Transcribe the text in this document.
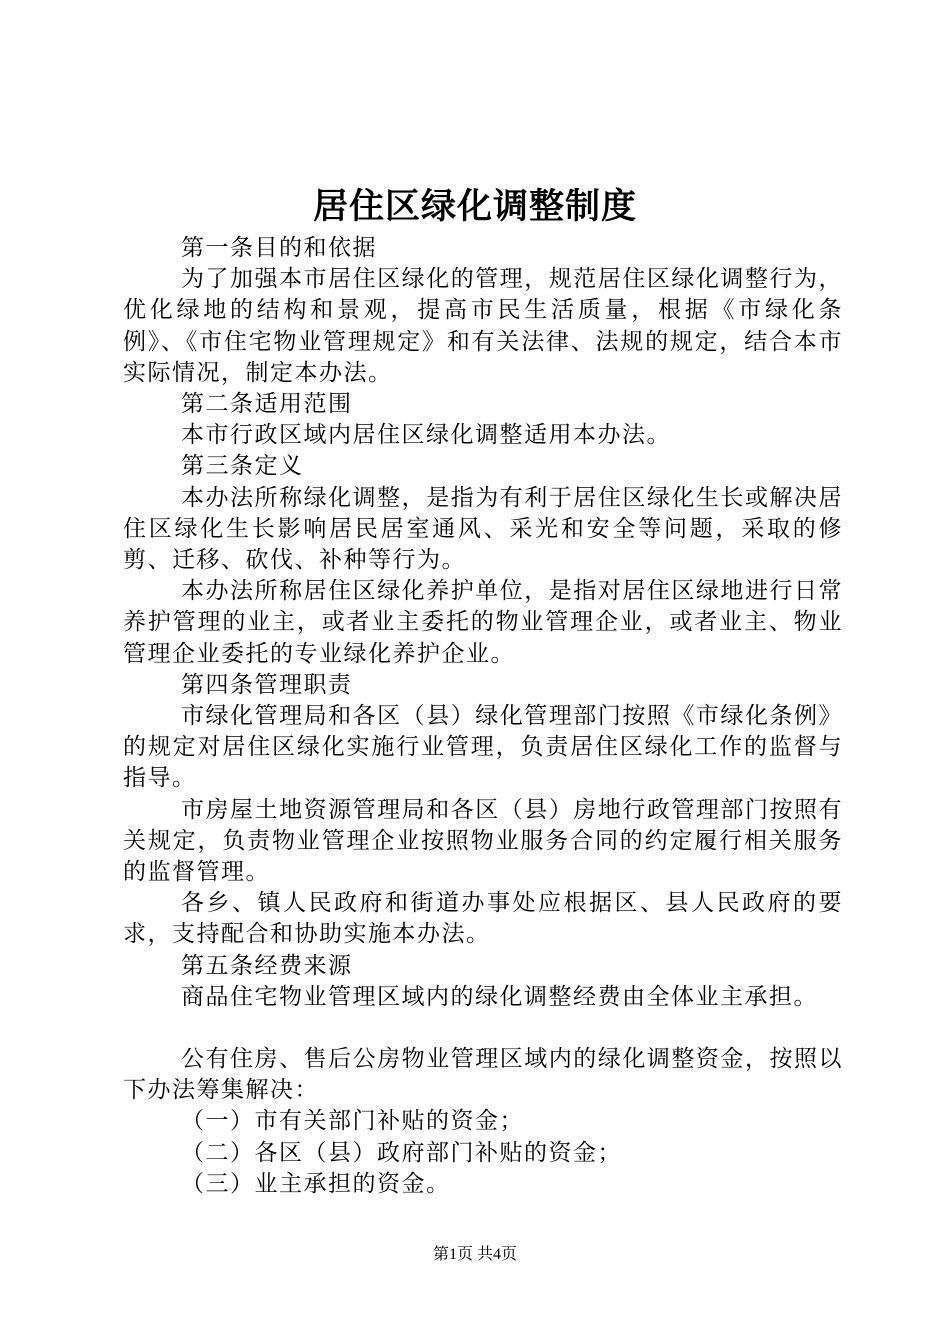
居住区绿化调整制度

第一条目的和依据

为了加强本市居住区绿化的管理，规范居住区绿化调整行为，优化绿地的结构和景观，提高市民生活质量，根据《市绿化条例》、《市住宅物业管理规定》和有关法律、法规的规定，结合本市实际情况，制定本办法。

第二条适用范围

本市行政区域内居住区绿化调整适用本办法。

第三条定义

本办法所称绿化调整，是指为有利于居住区绿化生长或解决居住区绿化生长影响居民居室通风、采光和安全等问题，采取的修剪、迁移、砍伐、补种等行为。

本办法所称居住区绿化养护单位，是指对居住区绿地进行日常养护管理的业主，或者业主委托的物业管理企业，或者业主、物业管理企业委托的专业绿化养护企业。

第四条管理职责

市绿化管理局和各区（县）绿化管理部门按照《市绿化条例》的规定对居住区绿化实施行业管理，负责居住区绿化工作的监督与指导。

市房屋土地资源管理局和各区（县）房地行政管理部门按照有关规定，负责物业管理企业按照物业服务合同的约定履行相关服务的监督管理。

各乡、镇人民政府和街道办事处应根据区、县人民政府的要求，支持配合和协助实施本办法。

第五条经费来源

商品住宅物业管理区域内的绿化调整经费由全体业主承担。

公有住房、售后公房物业管理区域内的绿化调整资金，按照以下办法筹集解决：

（一）市有关部门补贴的资金；

（二）各区（县）政府部门补贴的资金；

（三）业主承担的资金。

第1页 共4页
